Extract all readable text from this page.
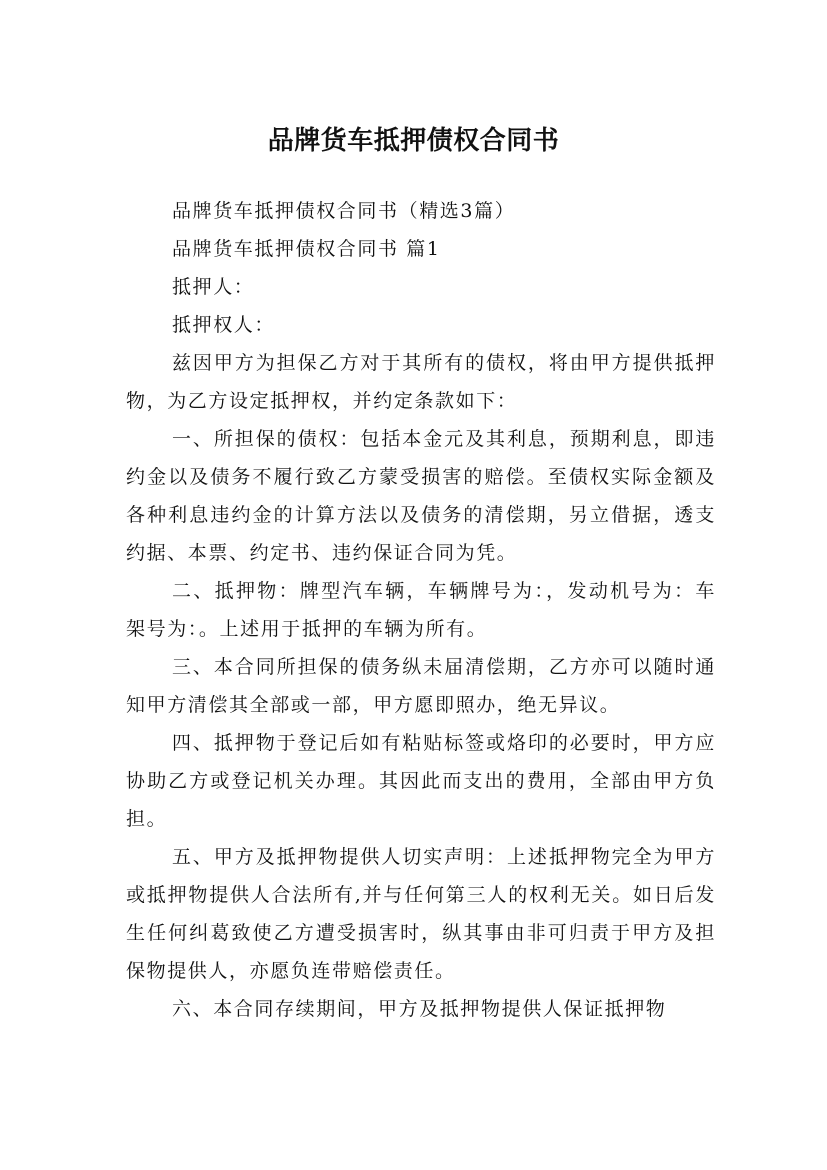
品牌货车抵押债权合同书

品牌货车抵押债权合同书（精选3篇）

品牌货车抵押债权合同书 篇1

抵押人：

抵押权人：

兹因甲方为担保乙方对于其所有的债权，将由甲方提供抵押物，为乙方设定抵押权，并约定条款如下：

一、所担保的债权：包括本金元及其利息，预期利息，即违约金以及债务不履行致乙方蒙受损害的赔偿。至债权实际金额及各种利息违约金的计算方法以及债务的清偿期，另立借据，透支约据、本票、约定书、违约保证合同为凭。

二、抵押物：牌型汽车辆，车辆牌号为：，发动机号为：车架号为：。上述用于抵押的车辆为所有。

三、本合同所担保的债务纵未届清偿期，乙方亦可以随时通知甲方清偿其全部或一部，甲方愿即照办，绝无异议。

四、抵押物于登记后如有粘贴标签或烙印的必要时，甲方应协助乙方或登记机关办理。其因此而支出的费用，全部由甲方负担。

五、甲方及抵押物提供人切实声明：上述抵押物完全为甲方或抵押物提供人合法所有,并与任何第三人的权利无关。如日后发生任何纠葛致使乙方遭受损害时，纵其事由非可归责于甲方及担保物提供人，亦愿负连带赔偿责任。

六、本合同存续期间，甲方及抵押物提供人保证抵押物
